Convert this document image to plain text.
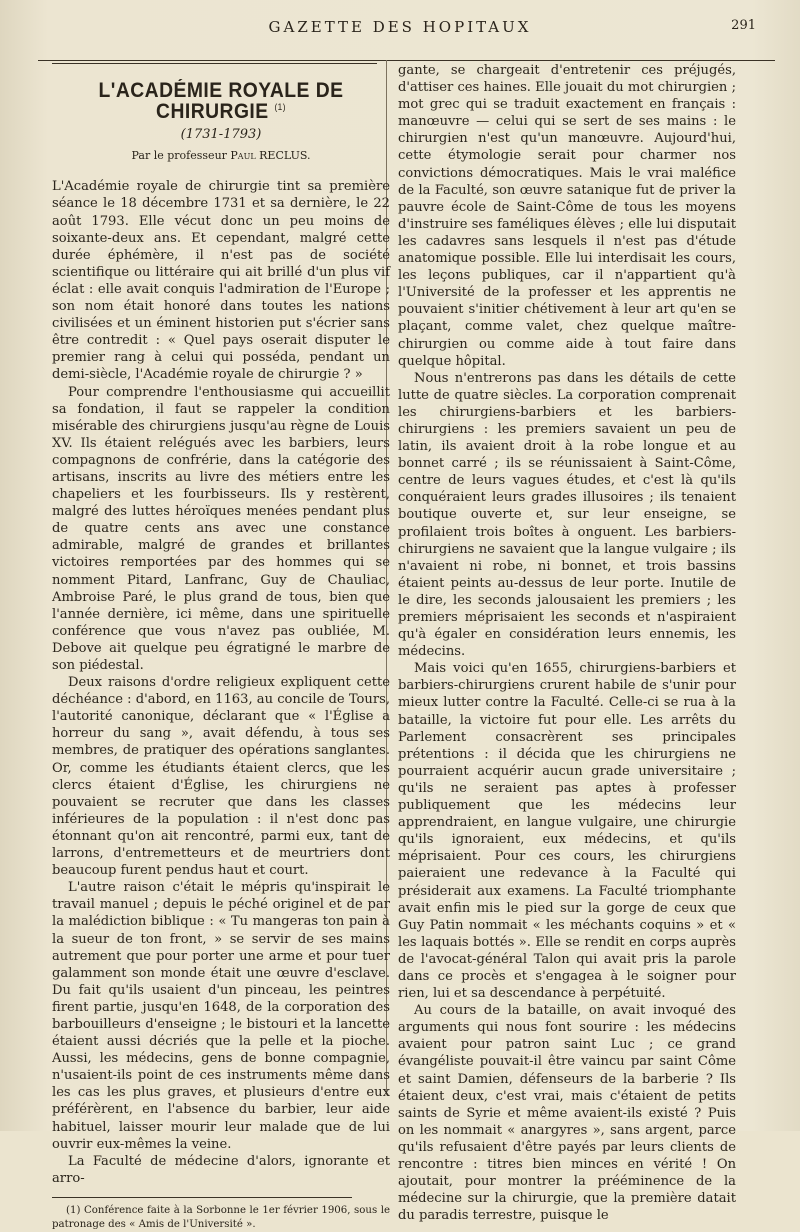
GAZETTE DES HOPITAUX	291
L'ACADÉMIE ROYALE DE CHIRURGIE $^{(1)}$
(1731-1793)
Par le professeur Paul RECLUS.

L'Académie royale de chirurgie tint sa première séance le 18 décembre 1731 et sa dernière, le 22 août 1793. Elle vécut donc un peu moins de soixante-deux ans. Et cependant, malgré cette durée éphémère, il n'est pas de société scientifique ou littéraire qui ait brillé d'un plus vif éclat : elle avait conquis l'admiration de l'Europe ; son nom était honoré dans toutes les nations civilisées et un éminent historien put s'écrier sans être contredit : « Quel pays oserait disputer le premier rang à celui qui posséda, pendant un demi-siècle, l'Académie royale de chirurgie ? »

Pour comprendre l'enthousiasme qui accueillit sa fondation, il faut se rappeler la condition misérable des chirurgiens jusqu'au règne de Louis XV. Ils étaient relégués avec les barbiers, leurs compagnons de confrérie, dans la catégorie des artisans, inscrits au livre des métiers entre les chapeliers et les fourbisseurs. Ils y restèrent, malgré des luttes héroïques menées pendant plus de quatre cents ans avec une constance admirable, malgré de grandes et brillantes victoires remportées par des hommes qui se nomment Pitard, Lanfranc, Guy de Chauliac, Ambroise Paré, le plus grand de tous, bien que l'année dernière, ici même, dans une spirituelle conférence que vous n'avez pas oubliée, M. Debove ait quelque peu égratigné le marbre de son piédestal.

Deux raisons d'ordre religieux expliquent cette déchéance : d'abord, en 1163, au concile de Tours, l'autorité canonique, déclarant que « l'Église a horreur du sang », avait défendu, à tous ses membres, de pratiquer des opérations sanglantes. Or, comme les étudiants étaient clercs, que les clercs étaient d'Église, les chirurgiens ne pouvaient se recruter que dans les classes inférieures de la population : il n'est donc pas étonnant qu'on ait rencontré, parmi eux, tant de larrons, d'entremetteurs et de meurtriers dont beaucoup furent pendus haut et court.

L'autre raison c'était le mépris qu'inspirait le travail manuel ; depuis le péché originel et de par la malédiction biblique : « Tu mangeras ton pain à la sueur de ton front, » se servir de ses mains autrement que pour porter une arme et pour tuer galamment son monde était une œuvre d'esclave. Du fait qu'ils usaient d'un pinceau, les peintres firent partie, jusqu'en 1648, de la corporation des barbouilleurs d'enseigne ; le bistouri et la lancette étaient aussi décriés que la pelle et la pioche. Aussi, les médecins, gens de bonne compagnie, n'usaient-ils point de ces instruments même dans les cas les plus graves, et plusieurs d'entre eux préférèrent, en l'absence du barbier, leur aide habituel, laisser mourir leur malade que de lui ouvrir eux-mêmes la veine.

La Faculté de médecine d'alors, ignorante et arro-

(1) Conférence faite à la Sorbonne le 1er février 1906, sous le patronage des « Amis de l'Université ».

gante, se chargeait d'entretenir ces préjugés, d'attiser ces haines. Elle jouait du mot chirurgien ; mot grec qui se traduit exactement en français : manœuvre — celui qui se sert de ses mains : le chirurgien n'est qu'un manœuvre. Aujourd'hui, cette étymologie serait pour charmer nos convictions démocratiques. Mais le vrai maléfice de la Faculté, son œuvre satanique fut de priver la pauvre école de Saint-Côme de tous les moyens d'instruire ses faméliques élèves ; elle lui disputait les cadavres sans lesquels il n'est pas d'étude anatomique possible. Elle lui interdisait les cours, les leçons publiques, car il n'appartient qu'à l'Université de la professer et les apprentis ne pouvaient s'initier chétivement à leur art qu'en se plaçant, comme valet, chez quelque maître-chirurgien ou comme aide à tout faire dans quelque hôpital.

Nous n'entrerons pas dans les détails de cette lutte de quatre siècles. La corporation comprenait les chirurgiens-barbiers et les barbiers-chirurgiens : les premiers savaient un peu de latin, ils avaient droit à la robe longue et au bonnet carré ; ils se réunissaient à Saint-Côme, centre de leurs vagues études, et c'est là qu'ils conquéraient leurs grades illusoires ; ils tenaient boutique ouverte et, sur leur enseigne, se profilaient trois boîtes à onguent. Les barbiers-chirurgiens ne savaient que la langue vulgaire ; ils n'avaient ni robe, ni bonnet, et trois bassins étaient peints au-dessus de leur porte. Inutile de le dire, les seconds jalousaient les premiers ; les premiers méprisaient les seconds et n'aspiraient qu'à égaler en considération leurs ennemis, les médecins.

Mais voici qu'en 1655, chirurgiens-barbiers et barbiers-chirurgiens crurent habile de s'unir pour mieux lutter contre la Faculté. Celle-ci se rua à la bataille, la victoire fut pour elle. Les arrêts du Parlement consacrèrent ses principales prétentions : il décida que les chirurgiens ne pourraient acquérir aucun grade universitaire ; qu'ils ne seraient pas aptes à professer publiquement que les médecins leur apprendraient, en langue vulgaire, une chirurgie qu'ils ignoraient, eux médecins, et qu'ils méprisaient. Pour ces cours, les chirurgiens paieraient une redevance à la Faculté qui présiderait aux examens. La Faculté triomphante avait enfin mis le pied sur la gorge de ceux que Guy Patin nommait « les méchants coquins » et « les laquais bottés ». Elle se rendit en corps auprès de l'avocat-général Talon qui avait pris la parole dans ce procès et s'engagea à le soigner pour rien, lui et sa descendance à perpétuité.

Au cours de la bataille, on avait invoqué des arguments qui nous font sourire : les médecins avaient pour patron saint Luc ; ce grand évangéliste pouvait-il être vaincu par saint Côme et saint Damien, défenseurs de la barberie ? Ils étaient deux, c'est vrai, mais c'étaient de petits saints de Syrie et même avaient-ils existé ? Puis on les nommait « anargyres », sans argent, parce qu'ils refusaient d'être payés par leurs clients de rencontre : titres bien minces en vérité ! On ajoutait, pour montrer la prééminence de la médecine sur la chirurgie, que la première datait du paradis terrestre, puisque le
